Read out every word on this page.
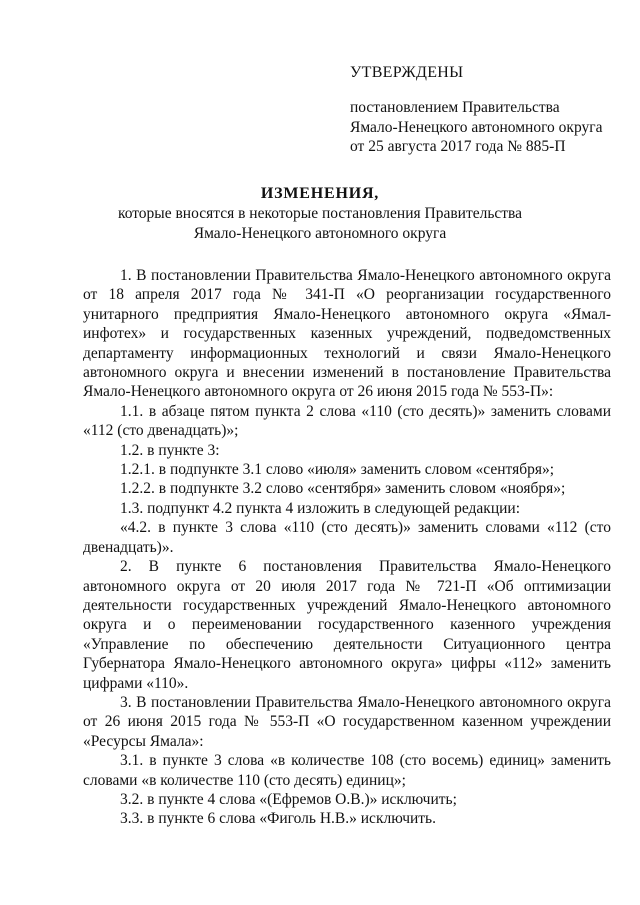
УТВЕРЖДЕНЫ
постановлением Правительства
Ямало-Ненецкого автономного округа
от 25 августа 2017 года № 885-П
ИЗМЕНЕНИЯ,
которые вносятся в некоторые постановления Правительства
Ямало-Ненецкого автономного округа

1. В постановлении Правительства Ямало-Ненецкого автономного округа от 18 апреля 2017 года № 341-П «О реорганизации государственного унитарного предприятия Ямало-Ненецкого автономного округа «Ямал-инфотех» и государственных казенных учреждений, подведомственных департаменту информационных технологий и связи Ямало-Ненецкого автономного округа и внесении изменений в постановление Правительства Ямало-Ненецкого автономного округа от 26 июня 2015 года № 553-П»:

1.1. в абзаце пятом пункта 2 слова «110 (сто десять)» заменить словами «112 (сто двенадцать)»;

1.2. в пункте 3:

1.2.1. в подпункте 3.1 слово «июля» заменить словом «сентября»;

1.2.2. в подпункте 3.2 слово «сентября» заменить словом «ноября»;

1.3. подпункт 4.2 пункта 4 изложить в следующей редакции:

«4.2. в пункте 3 слова «110 (сто десять)» заменить словами «112 (сто двенадцать)».

2. В пункте 6 постановления Правительства Ямало-Ненецкого автономного округа от 20 июля 2017 года № 721-П «Об оптимизации деятельности государственных учреждений Ямало-Ненецкого автономного округа и о переименовании государственного казенного учреждения «Управление по обеспечению деятельности Ситуационного центра Губернатора Ямало-Ненецкого автономного округа» цифры «112» заменить цифрами «110».

3. В постановлении Правительства Ямало-Ненецкого автономного округа от 26 июня 2015 года № 553-П «О государственном казенном учреждении «Ресурсы Ямала»:

3.1. в пункте 3 слова «в количестве 108 (сто восемь) единиц» заменить словами «в количестве 110 (сто десять) единиц»;

3.2. в пункте 4 слова «(Ефремов О.В.)» исключить;

3.3. в пункте 6 слова «Фиголь Н.В.» исключить.
